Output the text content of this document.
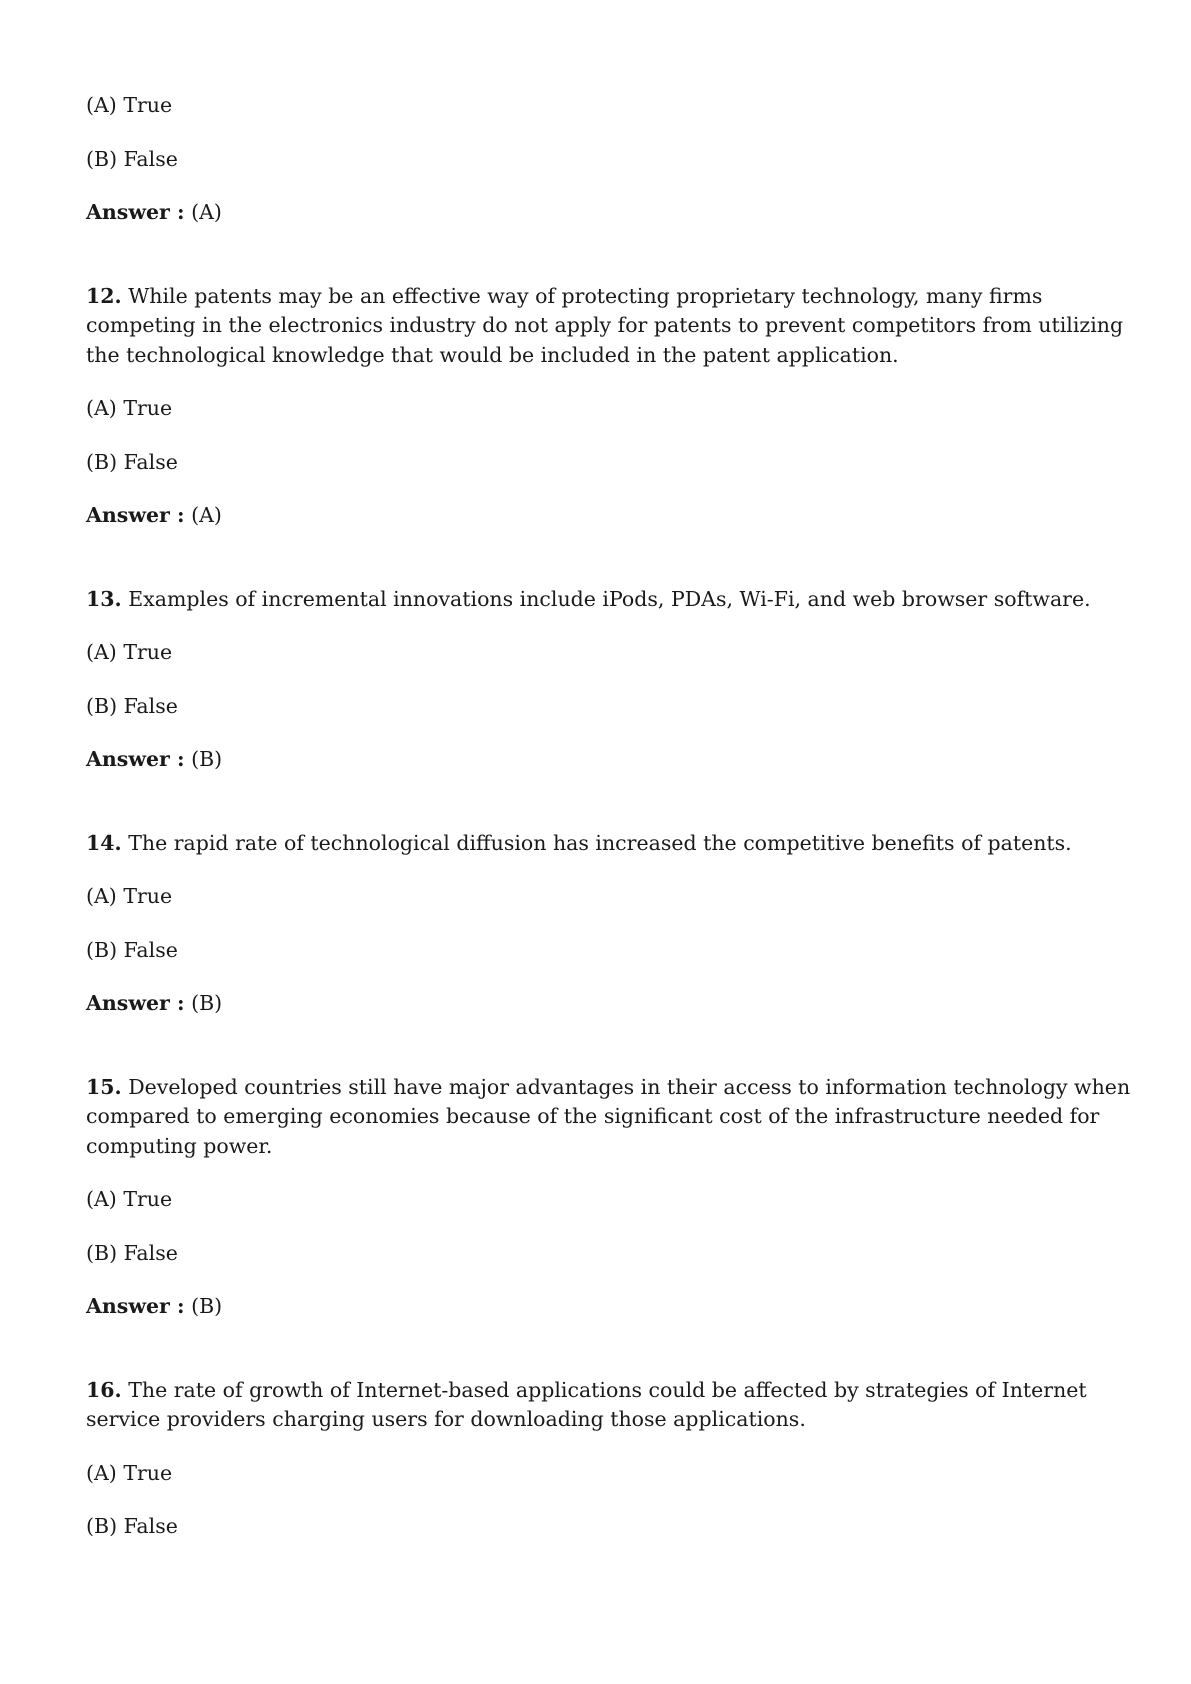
(A) True

(B) False

Answer : (A)

12. While patents may be an effective way of protecting proprietary technology, many firms
competing in the electronics industry do not apply for patents to prevent competitors from utilizing
the technological knowledge that would be included in the patent application.

(A) True

(B) False

Answer : (A)

13. Examples of incremental innovations include iPods, PDAs, Wi-Fi, and web browser software.

(A) True

(B) False

Answer : (B)

14. The rapid rate of technological diffusion has increased the competitive benefits of patents.

(A) True

(B) False

Answer : (B)

15. Developed countries still have major advantages in their access to information technology when
compared to emerging economies because of the significant cost of the infrastructure needed for
computing power.

(A) True

(B) False

Answer : (B)

16. The rate of growth of Internet-based applications could be affected by strategies of Internet
service providers charging users for downloading those applications.

(A) True

(B) False
